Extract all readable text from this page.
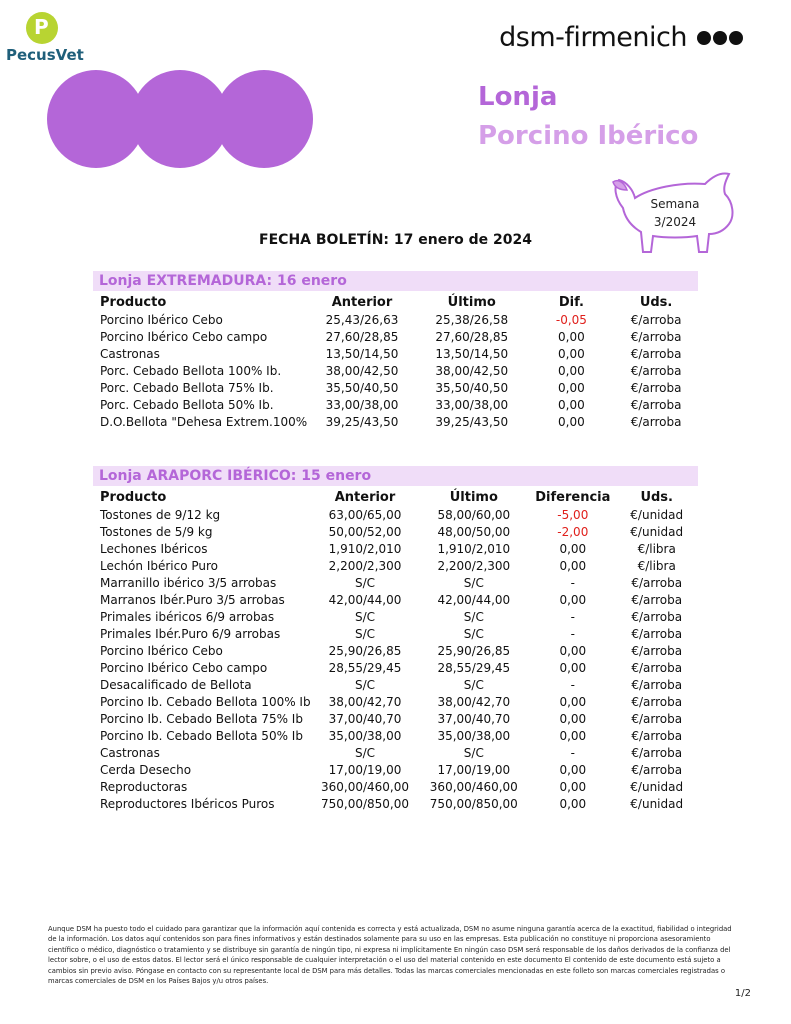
P
PecusVet
dsm-firmenich
Lonja
Porcino Ibérico
Semana
3/2024
FECHA BOLETÍN: 17 enero de 2024
Lonja EXTREMADURA: 16 enero
Producto	Anterior	Último	Dif.	Uds.
Porcino Ibérico Cebo	25,43/26,63	25,38/26,58	-0,05	€/arroba
Porcino Ibérico Cebo campo	27,60/28,85	27,60/28,85	0,00	€/arroba
Castronas	13,50/14,50	13,50/14,50	0,00	€/arroba
Porc. Cebado Bellota 100% Ib.	38,00/42,50	38,00/42,50	0,00	€/arroba
Porc. Cebado Bellota 75% Ib.	35,50/40,50	35,50/40,50	0,00	€/arroba
Porc. Cebado Bellota 50% Ib.	33,00/38,00	33,00/38,00	0,00	€/arroba
D.O.Bellota "Dehesa Extrem.100%	39,25/43,50	39,25/43,50	0,00	€/arroba
Lonja ARAPORC IBÉRICO: 15 enero
Producto	Anterior	Último	Diferencia	Uds.
Tostones de 9/12 kg	63,00/65,00	58,00/60,00	-5,00	€/unidad
Tostones de 5/9 kg	50,00/52,00	48,00/50,00	-2,00	€/unidad
Lechones Ibéricos	1,910/2,010	1,910/2,010	0,00	€/libra
Lechón Ibérico Puro	2,200/2,300	2,200/2,300	0,00	€/libra
Marranillo ibérico 3/5 arrobas	S/C	S/C	-	€/arroba
Marranos Ibér.Puro 3/5 arrobas	42,00/44,00	42,00/44,00	0,00	€/arroba
Primales ibéricos 6/9 arrobas	S/C	S/C	-	€/arroba
Primales Ibér.Puro 6/9 arrobas	S/C	S/C	-	€/arroba
Porcino Ibérico Cebo	25,90/26,85	25,90/26,85	0,00	€/arroba
Porcino Ibérico Cebo campo	28,55/29,45	28,55/29,45	0,00	€/arroba
Desacalificado de Bellota	S/C	S/C	-	€/arroba
Porcino Ib. Cebado Bellota 100% Ib	38,00/42,70	38,00/42,70	0,00	€/arroba
Porcino Ib. Cebado Bellota 75% Ib	37,00/40,70	37,00/40,70	0,00	€/arroba
Porcino Ib. Cebado Bellota 50% Ib	35,00/38,00	35,00/38,00	0,00	€/arroba
Castronas	S/C	S/C	-	€/arroba
Cerda Desecho	17,00/19,00	17,00/19,00	0,00	€/arroba
Reproductoras	360,00/460,00	360,00/460,00	0,00	€/unidad
Reproductores Ibéricos Puros	750,00/850,00	750,00/850,00	0,00	€/unidad
Aunque DSM ha puesto todo el cuidado para garantizar que la información aquí contenida es correcta y está actualizada, DSM no asume ninguna garantía acerca de la exactitud, fiabilidad o integridad de la información. Los datos aquí contenidos son para fines informativos y están destinados solamente para su uso en las empresas. Esta publicación no constituye ni proporciona asesoramiento científico o médico, diagnóstico o tratamiento y se distribuye sin garantía de ningún tipo, ni expresa ni implícitamente En ningún caso DSM será responsable de los daños derivados de la confianza del lector sobre, o el uso de estos datos. El lector será el único responsable de cualquier interpretación o el uso del material contenido en este documento El contenido de este documento está sujeto a cambios sin previo aviso. Póngase en contacto con su representante local de DSM para más detalles. Todas las marcas comerciales mencionadas en este folleto son marcas comerciales registradas o marcas comerciales de DSM en los Países Bajos y/u otros países.
1/2
